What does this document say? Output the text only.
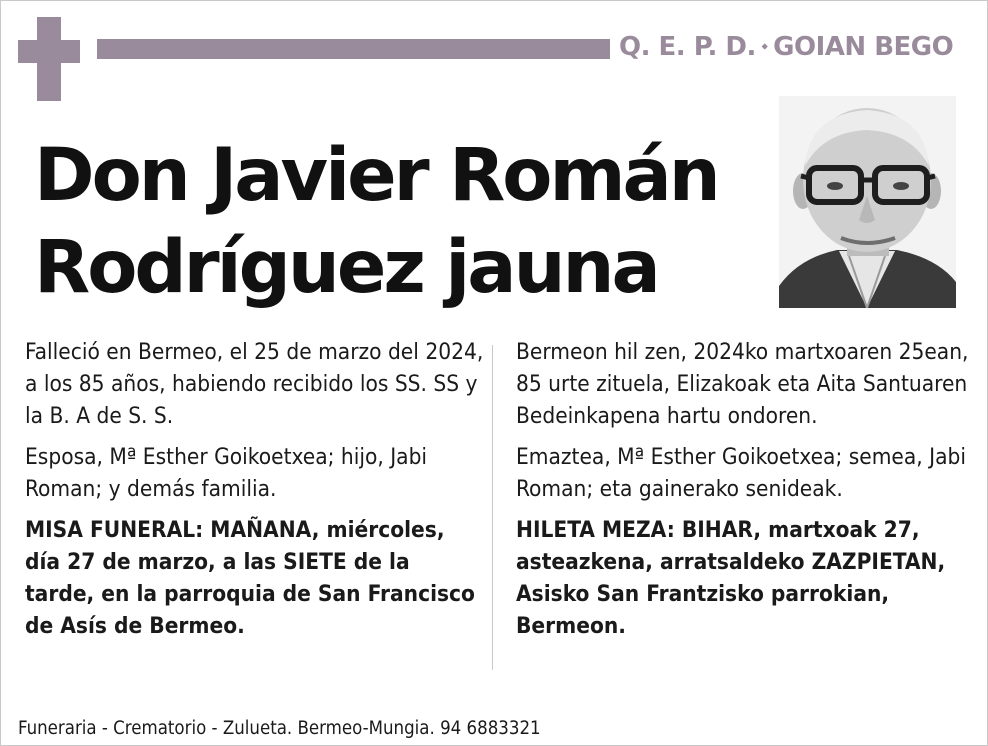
Q. E. P. D. ⬩ GOIAN BEGO
Don Javier Román
Rodríguez jauna

Falleció en Bermeo, el 25 de marzo del 2024, a los 85 años, habiendo recibido los SS. SS y la B. A de S. S.

Esposa, Mª Esther Goikoetxea; hijo, Jabi Roman; y demás familia.

MISA FUNERAL: MAÑANA, miércoles, día 27 de marzo, a las SIETE de la tarde, en la parroquia de San Francisco de Asís de Bermeo.

Bermeon hil zen, 2024ko martxoaren 25ean, 85 urte zituela, Elizakoak eta Aita Santuaren Bedeinkapena hartu ondoren.

Emaztea, Mª Esther Goikoetxea; semea, Jabi Roman; eta gainerako senideak.

HILETA MEZA: BIHAR, martxoak 27, asteazkena, arratsaldeko ZAZPIETAN, Asisko San Frantzisko parrokian, Bermeon.

Funeraria - Crematorio - Zulueta. Bermeo-Mungia. 94 6883321
